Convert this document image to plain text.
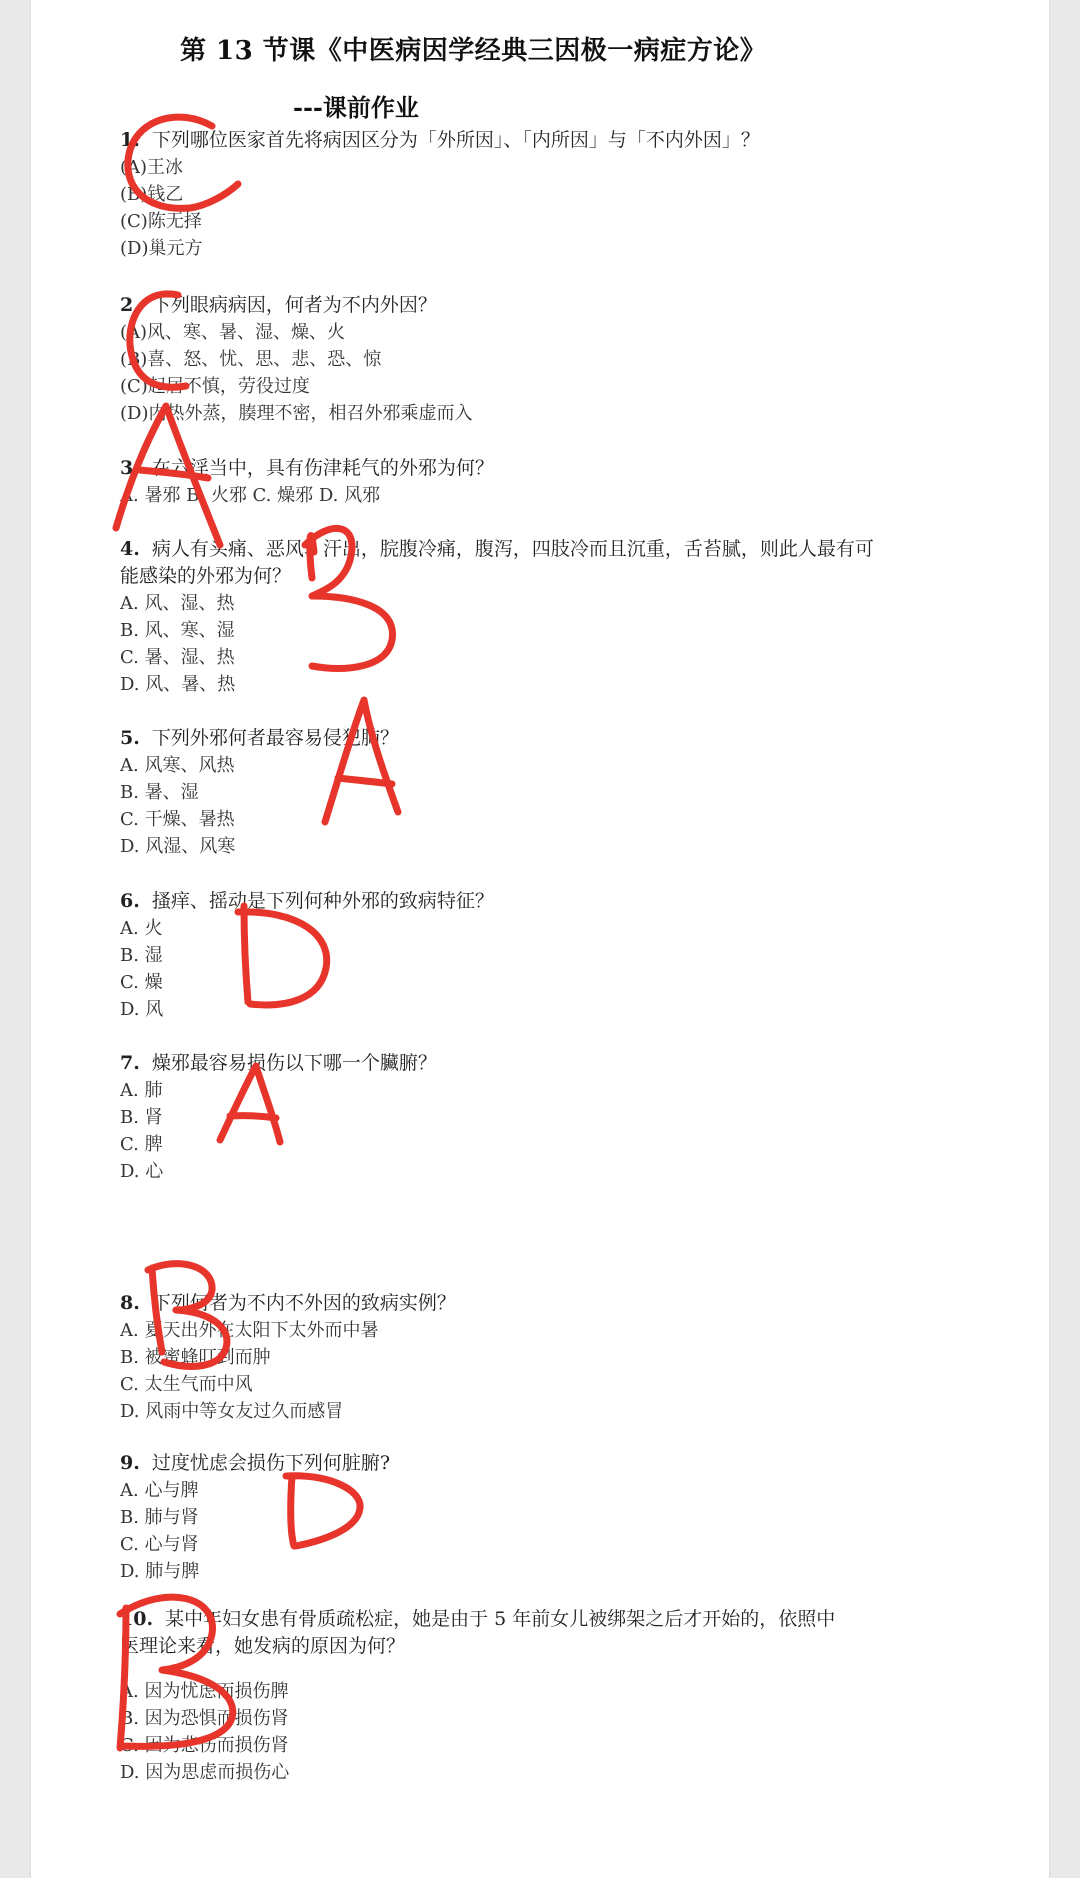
第 13 节课《中医病因学经典三因极一病症方论》
---课前作业
1. 下列哪位医家首先将病因区分为「外所因」、「内所因」与「不内外因」？
(A)王冰
(B)钱乙
(C)陈无择
(D)巢元方
2. 下列眼病病因，何者为不内外因？
(A)风、寒、暑、湿、燥、火
(B)喜、怒、忧、思、悲、恐、惊
(C)起居不慎，劳役过度
(D)内热外蒸，腠理不密，相召外邪乘虚而入
3. 在六淫当中，具有伤津耗气的外邪为何？
A. 暑邪 B. 火邪 C. 燥邪 D. 风邪
4. 病人有头痛、恶风、汗出，脘腹冷痛，腹泻，四肢冷而且沉重，舌苔腻，则此人最有可能感染的外邪为何？
A. 风、湿、热
B. 风、寒、湿
C. 暑、湿、热
D. 风、暑、热
5. 下列外邪何者最容易侵犯肺？
A. 风寒、风热
B. 暑、湿
C. 干燥、暑热
D. 风湿、风寒
6. 搔痒、摇动是下列何种外邪的致病特征？
A. 火
B. 湿
C. 燥
D. 风
7. 燥邪最容易损伤以下哪一个臟腑？
A. 肺
B. 肾
C. 脾
D. 心
8. 下列何者为不内不外因的致病实例？
A. 夏天出外在太阳下太外而中暑
B. 被蜜蜂叮到而肿
C. 太生气而中风
D. 风雨中等女友过久而感冒
9. 过度忧虑会损伤下列何脏腑?
A. 心与脾
B. 肺与肾
C. 心与肾
D. 肺与脾
10. 某中年妇女患有骨质疏松症，她是由于 5 年前女儿被绑架之后才开始的，依照中医理论来看，她发病的原因为何？
A. 因为忧虑而损伤脾
B. 因为恐惧而损伤肾
C. 因为悲伤而损伤肾
D. 因为思虑而损伤心
